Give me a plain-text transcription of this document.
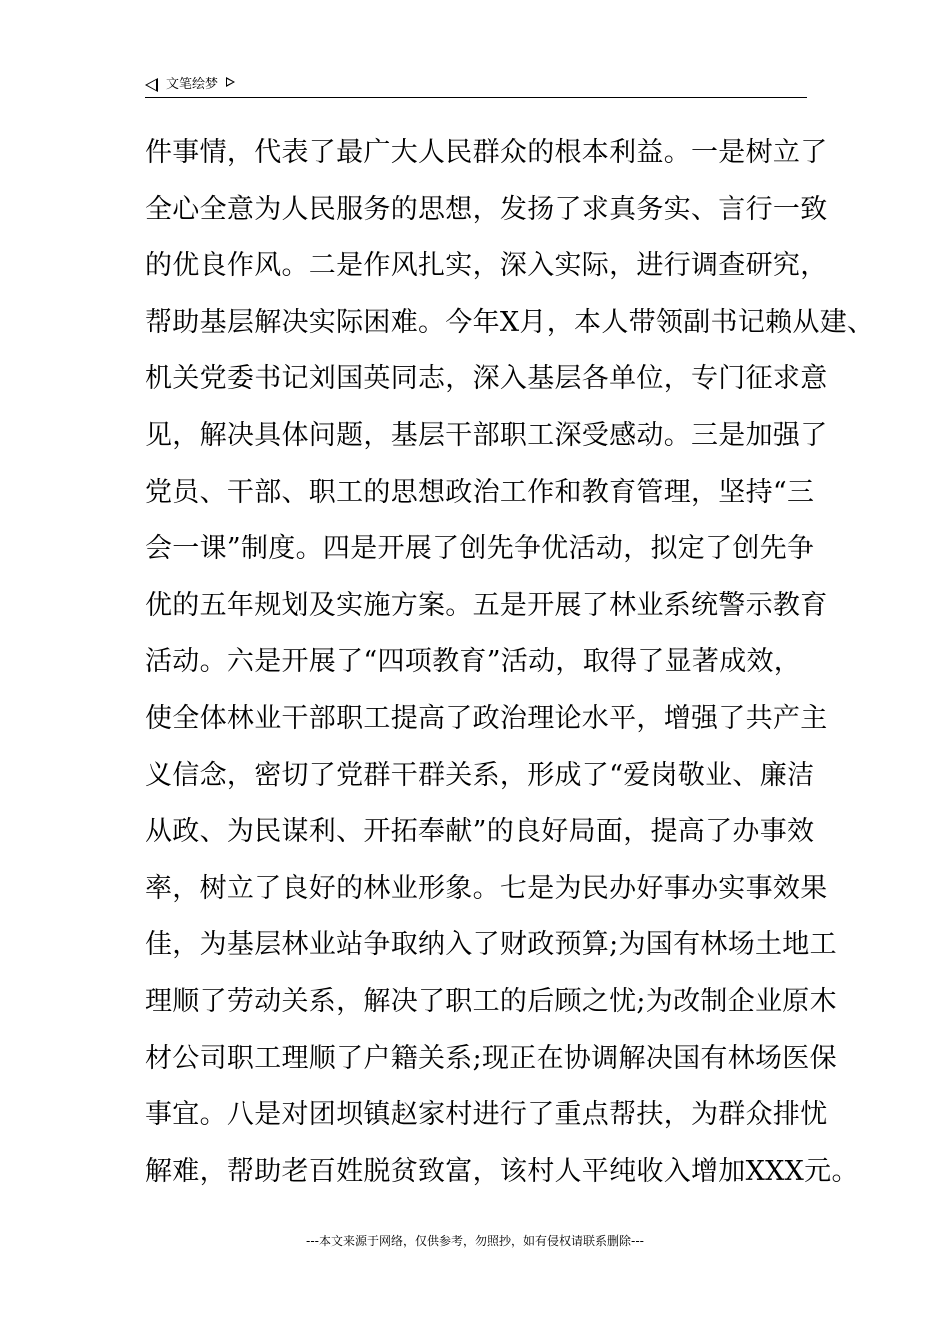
文笔绘梦
件事情，代表了最广大人民群众的根本利益。一是树立了
全心全意为人民服务的思想，发扬了求真务实、言行一致
的优良作风。二是作风扎实，深入实际，进行调查研究，
帮助基层解决实际困难。今年X月，本人带领副书记赖从建、
机关党委书记刘国英同志，深入基层各单位，专门征求意
见，解决具体问题，基层干部职工深受感动。三是加强了
党员、干部、职工的思想政治工作和教育管理，坚持“三
会一课”制度。四是开展了创先争优活动，拟定了创先争
优的五年规划及实施方案。五是开展了林业系统警示教育
活动。六是开展了“四项教育”活动，取得了显著成效，
使全体林业干部职工提高了政治理论水平，增强了共产主
义信念，密切了党群干群关系，形成了“爱岗敬业、廉洁
从政、为民谋利、开拓奉献”的良好局面，提高了办事效
率，树立了良好的林业形象。七是为民办好事办实事效果
佳，为基层林业站争取纳入了财政预算;为国有林场土地工
理顺了劳动关系，解决了职工的后顾之忧;为改制企业原木
材公司职工理顺了户籍关系;现正在协调解决国有林场医保
事宜。八是对团坝镇赵家村进行了重点帮扶，为群众排忧
解难，帮助老百姓脱贫致富，该村人平纯收入增加XXX元。
---本文来源于网络，仅供参考，勿照抄，如有侵权请联系删除---
